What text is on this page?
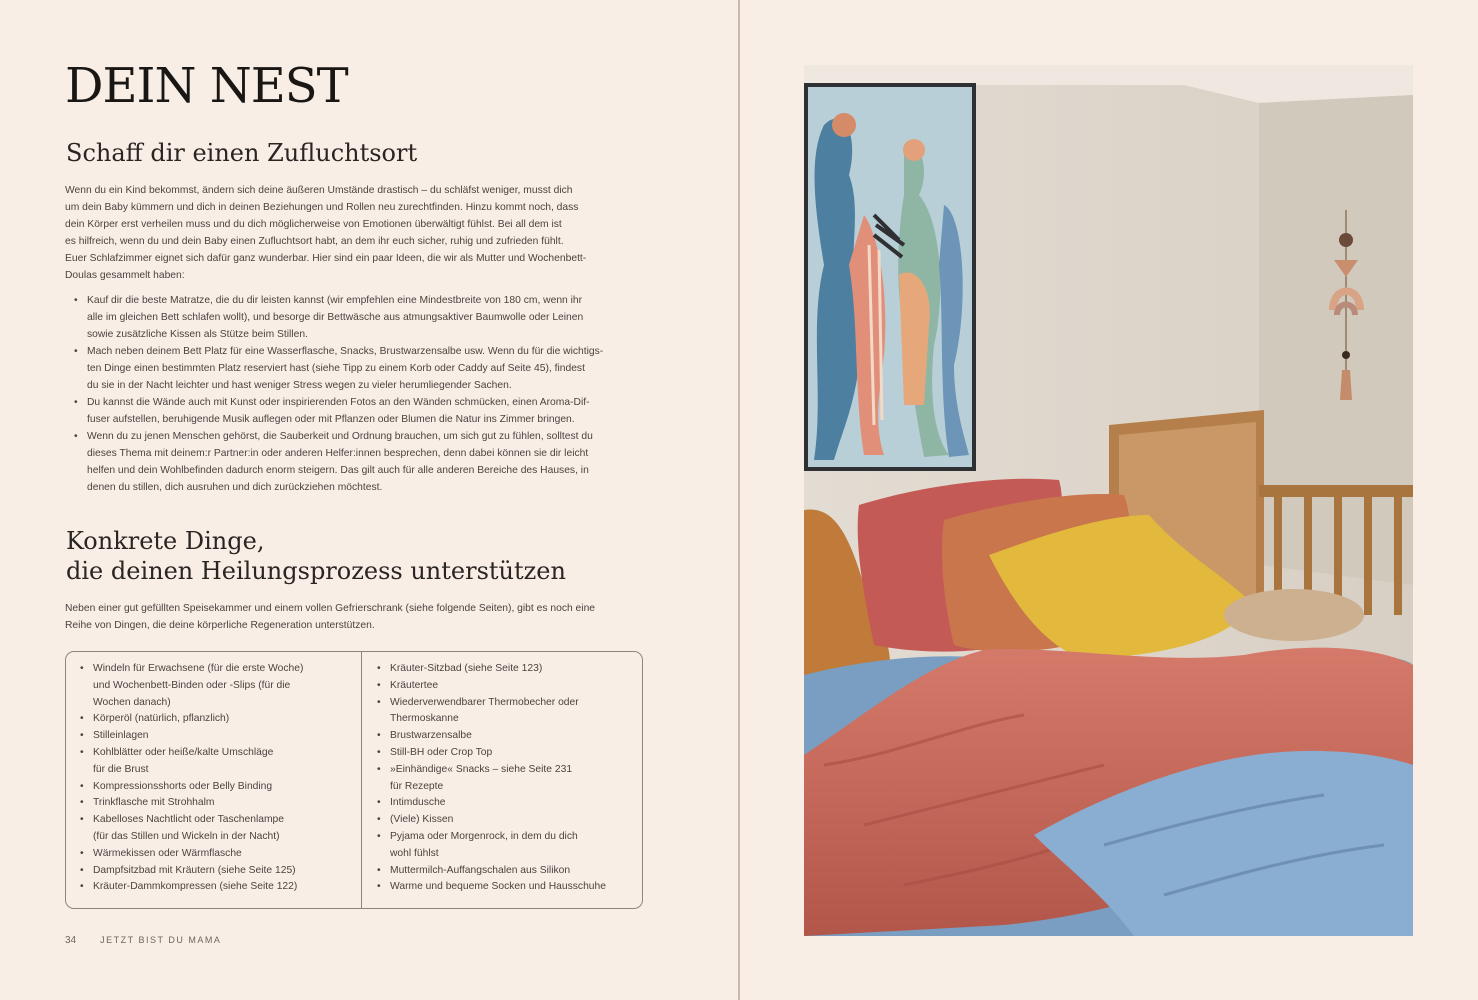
DEIN NEST
Schaff dir einen Zufluchtsort
Wenn du ein Kind bekommst, ändern sich deine äußeren Umstände drastisch – du schläfst weniger, musst dich
um dein Baby kümmern und dich in deinen Beziehungen und Rollen neu zurechtfinden. Hinzu kommt noch, dass
dein Körper erst verheilen muss und du dich möglicherweise von Emotionen überwältigt fühlst. Bei all dem ist
es hilfreich, wenn du und dein Baby einen Zufluchtsort habt, an dem ihr euch sicher, ruhig und zufrieden fühlt.
Euer Schlafzimmer eignet sich dafür ganz wunderbar. Hier sind ein paar Ideen, die wir als Mutter und Wochenbett-
Doulas gesammelt haben:
• Kauf dir die beste Matratze, die du dir leisten kannst (wir empfehlen eine Mindestbreite von 180 cm, wenn ihr
alle im gleichen Bett schlafen wollt), und besorge dir Bettwäsche aus atmungsaktiver Baumwolle oder Leinen
sowie zusätzliche Kissen als Stütze beim Stillen.
• Mach neben deinem Bett Platz für eine Wasserflasche, Snacks, Brustwarzensalbe usw. Wenn du für die wichtigs-
ten Dinge einen bestimmten Platz reserviert hast (siehe Tipp zu einem Korb oder Caddy auf Seite 45), findest
du sie in der Nacht leichter und hast weniger Stress wegen zu vieler herumliegender Sachen.
• Du kannst die Wände auch mit Kunst oder inspirierenden Fotos an den Wänden schmücken, einen Aroma-Dif-
fuser aufstellen, beruhigende Musik auflegen oder mit Pflanzen oder Blumen die Natur ins Zimmer bringen.
• Wenn du zu jenen Menschen gehörst, die Sauberkeit und Ordnung brauchen, um sich gut zu fühlen, solltest du
dieses Thema mit deinem:r Partner:in oder anderen Helfer:innen besprechen, denn dabei können sie dir leicht
helfen und dein Wohlbefinden dadurch enorm steigern. Das gilt auch für alle anderen Bereiche des Hauses, in
denen du stillen, dich ausruhen und dich zurückziehen möchtest.
Konkrete Dinge,
die deinen Heilungsprozess unterstützen
Neben einer gut gefüllten Speisekammer und einem vollen Gefrierschrank (siehe folgende Seiten), gibt es noch eine
Reihe von Dingen, die deine körperliche Regeneration unterstützen.
• Windeln für Erwachsene (für die erste Woche)
und Wochenbett-Binden oder -Slips (für die
Wochen danach)
• Körperöl (natürlich, pflanzlich)
• Stilleinlagen
• Kohlblätter oder heiße/kalte Umschläge
für die Brust
• Kompressionsshorts oder Belly Binding
• Trinkflasche mit Strohhalm
• Kabelloses Nachtlicht oder Taschenlampe
(für das Stillen und Wickeln in der Nacht)
• Wärmekissen oder Wärmflasche
• Dampfsitzbad mit Kräutern (siehe Seite 125)
• Kräuter-Dammkompressen (siehe Seite 122)
• Kräuter-Sitzbad (siehe Seite 123)
• Kräutertee
• Wiederverwendbarer Thermobecher oder
Thermoskanne
• Brustwarzensalbe
• Still-BH oder Crop Top
• »Einhändige« Snacks – siehe Seite 231
für Rezepte
• Intimdusche
• (Viele) Kissen
• Pyjama oder Morgenrock, in dem du dich
wohl fühlst
• Muttermilch-Auffangschalen aus Silikon
• Warme und bequeme Socken und Hausschuhe
34	JETZT BIST DU MAMA
